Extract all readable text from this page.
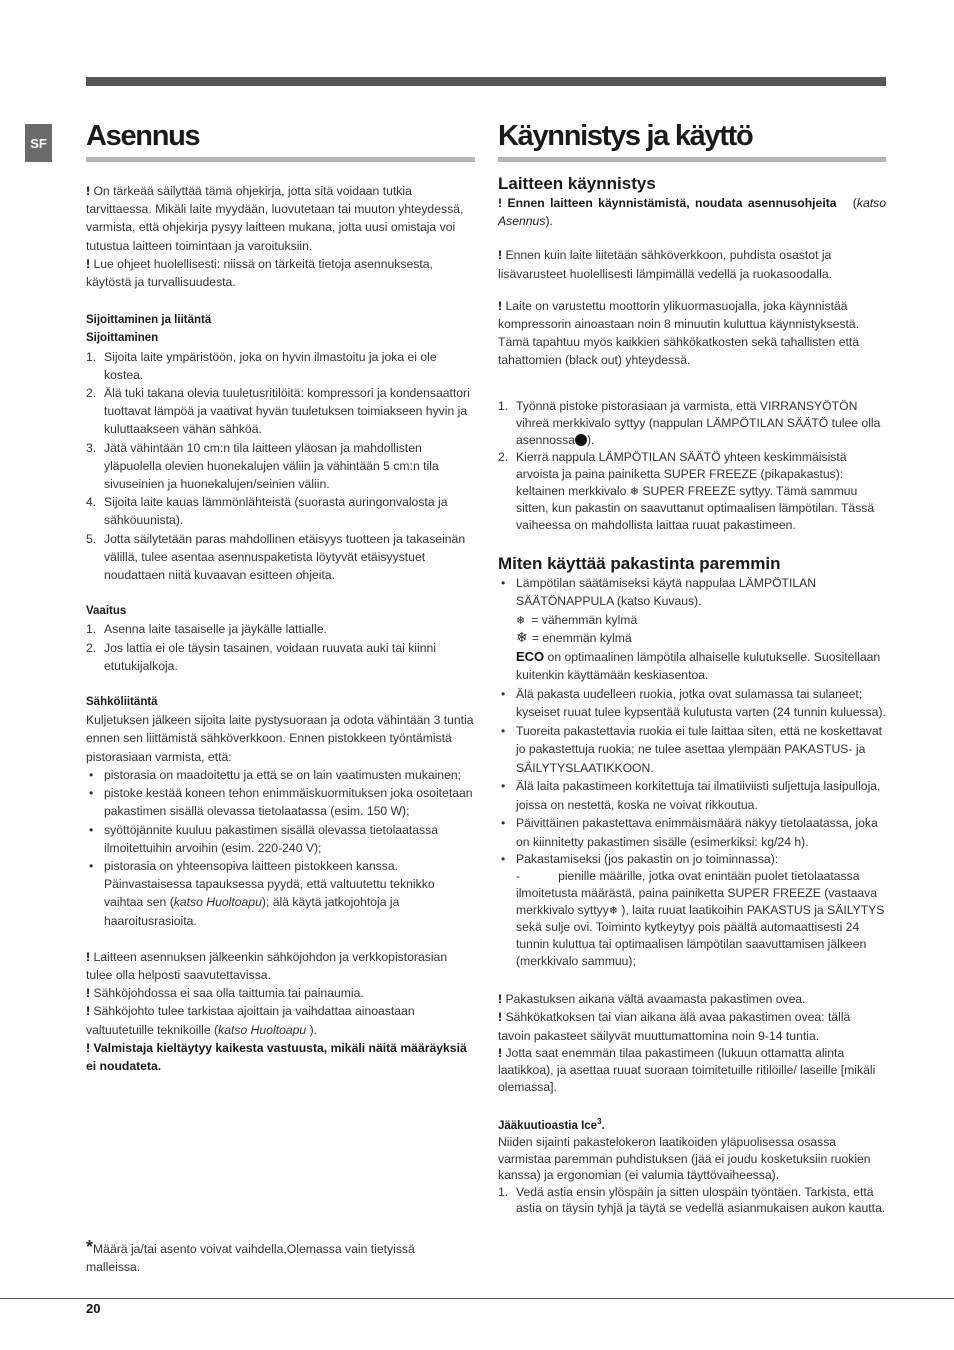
SF Asennus

! On tärkeää säilyttää tämä ohjekirja, jotta sitä voidaan tutkia tarvittaessa. Mikäli laite myydään, luovutetaan tai muuton yhteydessä, varmista, että ohjekirja pysyy laitteen mukana, jotta uusi omistaja voi tutustua laitteen toimintaan ja varoituksiin.

! Lue ohjeet huolellisesti: niissä on tärkeitä tietoja asennuksesta, käytöstä ja turvallisuudesta.

Sijoittaminen ja liitäntä

Sijoittaminen

1. Sijoita laite ympäristöön, joka on hyvin ilmastoitu ja joka ei ole kostea.
2. Älä tuki takana olevia tuuletusritilöitä: kompressori ja kondensaattori tuottavat lämpöä ja vaativat hyvän tuuletuksen toimiakseen hyvin ja kuluttaakseen vähän sähköä.
3. Jätä vähintään 10 cm:n tila laitteen yläosan ja mahdollisten yläpuolella olevien huonekalujen väliin ja vähintään 5 cm:n tila sivuseinien ja huonekalujen/seinien väliin.
4. Sijoita laite kauas lämmönlähteistä (suorasta auringonvalosta ja sähköuunista).
5. Jotta säilytetään paras mahdollinen etäisyys tuotteen ja takaseinän välillä, tulee asentaa asennuspaketista löytyvät etäisyystuet noudattaen niitä kuvaavan esitteen ohjeita.

Vaaitus

1. Asenna laite tasaiselle ja jäykälle lattialle.
2. Jos lattia ei ole täysin tasainen, voidaan ruuvata auki tai kiinni etutukijalkoja.

Sähköliitäntä

Kuljetuksen jälkeen sijoita laite pystysuoraan ja odota vähintään 3 tuntia ennen sen liittämistä sähköverkkoon. Ennen pistokkeen työntämistä pistorasiaan varmista, että:

• pistorasia on maadoitettu ja että se on lain vaatimusten mukainen;
• pistoke kestää koneen tehon enimmäiskuormituksen joka osoitetaan pakastimen sisällä olevassa tietolaatassa (esim. 150 W);
• syöttöjännite kuuluu pakastimen sisällä olevassa tietolaatassa ilmoitettuihin arvoihin (esim. 220-240 V);
• pistorasia on yhteensopiva laitteen pistokkeen kanssa. Päinvastaisessa tapauksessa pyydä, että valtuutettu teknikko vaihtaa sen (katso Huoltoapu); älä käytä jatkojohtoja ja haaroitusrasioita.

! Laitteen asennuksen jälkeenkin sähköjohdon ja verkkopistorasian tulee olla helposti saavutettavissa.

! Sähköjohdossa ei saa olla taittumia tai painaumia.

! Sähköjohto tulee tarkistaa ajoittain ja vaihdattaa ainoastaan valtuutetuille teknikoille (katso Huoltoapu ).

! Valmistaja kieltäytyy kaikesta vastuusta, mikäli näitä määräyksiä ei noudateta.

*Määrä ja/tai asento voivat vaihdella,Olemassa vain tietyissä malleissa.
Käynnistys ja käyttö
Laitteen käynnistys

! Ennen laitteen käynnistämistä, noudata asennusohjeita (katso Asennus).

! Ennen kuin laite liitetään sähköverkkoon, puhdista osastot ja lisävarusteet huolellisesti lämpimällä vedellä ja ruokasoodalla.

! Laite on varustettu moottorin ylikuormasuojalla, joka käynnistää kompressorin ainoastaan noin 8 minuutin kuluttua käynnistyksestä. Tämä tapahtuu myös kaikkien sähkökatkosten sekä tahallisten että tahattomien (black out) yhteydessä.

1. Työnnä pistoke pistorasiaan ja varmista, että VIRRANSYÖTÖN vihreä merkkivalo syttyy (nappulan LÄMPÖTILAN SÄÄTÖ tulee olla asennossa ).
2. Kierrä nappula LÄMPÖTILAN SÄÄTÖ yhteen keskimmäisistä arvoista ja paina painiketta SUPER FREEZE (pikapakastus): keltainen merkkivalo ❄ SUPER FREEZE syttyy. Tämä sammuu sitten, kun pakastin on saavuttanut optimaalisen lämpötilan. Tässä vaiheessa on mahdollista laittaa ruuat pakastimeen.
Miten käyttää pakastinta paremmin
• Lämpötilan säätämiseksi käytä nappulaa LÄMPÖTILAN SÄÄTÖNAPPULA (katso Kuvaus).
❄ = vähemmän kylmä
❄ = enemmän kylmä
ECO on optimaalinen lämpötila alhaiselle kulutukselle. Suositellaan kuitenkin käyttämään keskiasentoa.
• Älä pakasta uudelleen ruokia, jotka ovat sulamassa tai sulaneet; kyseiset ruuat tulee kypsentää kulutusta varten (24 tunnin kuluessa).
• Tuoreita pakastettavia ruokia ei tule laittaa siten, että ne koskettavat jo pakastettuja ruokia; ne tulee asettaa ylempään PAKASTUS- ja SÄILYTYSLAATIKKOON.
• Älä laita pakastimeen korkitettuja tai ilmatiiviisti suljettuja lasipulloja, joissa on nestettä, koska ne voivat rikkoutua.
• Päivittäinen pakastettava enimmäismäärä näkyy tietolaatassa, joka on kiinnitetty pakastimen sisälle (esimerkiksi: kg/24 h).
• Pakastamiseksi (jos pakastin on jo toiminnassa):
-	pienille määrille, jotka ovat enintään puolet tietolaatassa ilmoitetusta määrästä, paina painiketta SUPER FREEZE (vastaava merkkivalo syttyy❄ ), laita ruuat laatikoihin PAKASTUS ja SÄILYTYS sekä sulje ovi. Toiminto kytkeytyy pois päältä automaattisesti 24 tunnin kuluttua tai optimaalisen lämpötilan saavuttamisen jälkeen (merkkivalo sammuu);

! Pakastuksen aikana vältä avaamasta pakastimen ovea.

! Sähkökatkoksen tai vian aikana älä avaa pakastimen ovea: tällä tavoin pakasteet säilyvät muuttumattomina noin 9-14 tuntia.

! Jotta saat enemmän tilaa pakastimeen (lukuun ottamatta alinta laatikkoa), ja asettaa ruuat suoraan toimitetuille ritilöille/ laseille [mikäli olemassa].

Jääkuutioastia Ice$^3$.

Niiden sijainti pakastelokeron laatikoiden yläpuolisessa osassa varmistaa paremman puhdistuksen (jää ei joudu kosketuksiin ruokien kanssa) ja ergonomian (ei valumia täyttövaiheessa).

1. Vedä astia ensin ylöspäin ja sitten ulospäin työntäen. Tarkista, että astia on täysin tyhjä ja täytä se vedellä asianmukaisen aukon kautta.
20
